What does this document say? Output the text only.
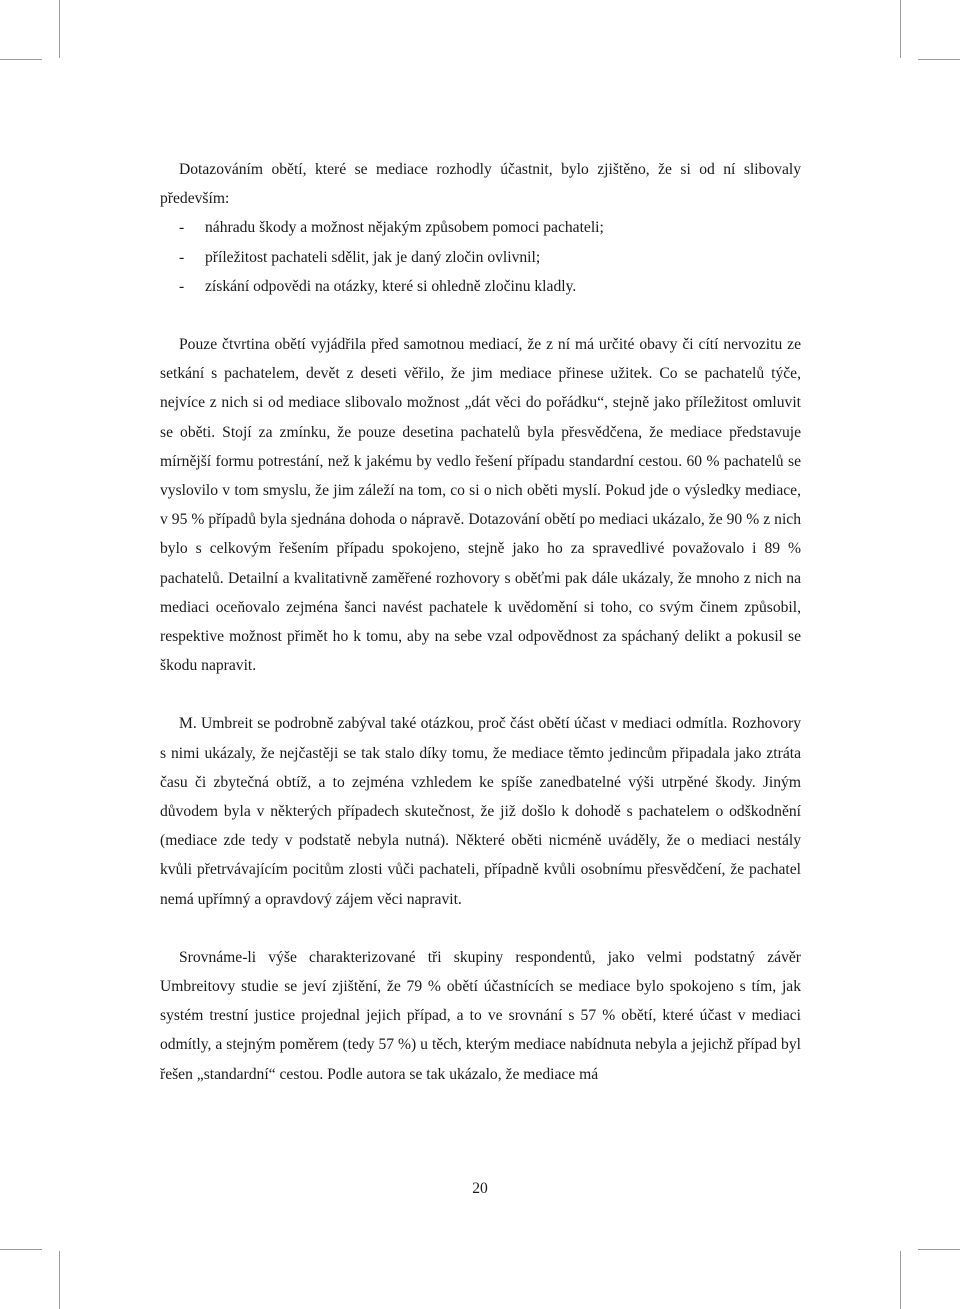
Dotazováním obětí, které se mediace rozhodly účastnit, bylo zjištěno, že si od ní slibovaly především:

- náhradu škody a možnost nějakým způsobem pomoci pachateli;
- příležitost pachateli sdělit, jak je daný zločin ovlivnil;
- získání odpovědi na otázky, které si ohledně zločinu kladly.

Pouze čtvrtina obětí vyjádřila před samotnou mediací, že z ní má určité obavy či cítí nervozitu ze setkání s pachatelem, devět z deseti věřilo, že jim mediace přinese užitek. Co se pachatelů týče, nejvíce z nich si od mediace slibovalo možnost „dát věci do pořádku“, stejně jako příležitost omluvit se oběti. Stojí za zmínku, že pouze desetina pachatelů byla přesvědčena, že mediace představuje mírnější formu potrestání, než k jakému by vedlo řešení případu standardní cestou. 60 % pachatelů se vyslovilo v tom smyslu, že jim záleží na tom, co si o nich oběti myslí. Pokud jde o výsledky mediace, v 95 % případů byla sjednána dohoda o nápravě. Dotazování obětí po mediaci ukázalo, že 90 % z nich bylo s celkovým řešením případu spokojeno, stejně jako ho za spravedlivé považovalo i 89 % pachatelů. Detailní a kvalitativně zaměřené rozhovory s oběťmi pak dále ukázaly, že mnoho z nich na mediaci oceňovalo zejména šanci navést pachatele k uvědomění si toho, co svým činem způsobil, respektive možnost přimět ho k tomu, aby na sebe vzal odpovědnost za spáchaný delikt a pokusil se škodu napravit.

M. Umbreit se podrobně zabýval také otázkou, proč část obětí účast v mediaci odmítla. Rozhovory s nimi ukázaly, že nejčastěji se tak stalo díky tomu, že mediace těmto jedincům připadala jako ztráta času či zbytečná obtíž, a to zejména vzhledem ke spíše zanedbatelné výši utrpěné škody. Jiným důvodem byla v některých případech skutečnost, že již došlo k dohodě s pachatelem o odškodnění (mediace zde tedy v podstatě nebyla nutná). Některé oběti nicméně uváděly, že o mediaci nestály kvůli přetrvávajícím pocitům zlosti vůči pachateli, případně kvůli osobnímu přesvědčení, že pachatel nemá upřímný a opravdový zájem věci napravit.

Srovnáme-li výše charakterizované tři skupiny respondentů, jako velmi podstatný závěr Umbreitovy studie se jeví zjištění, že 79 % obětí účastnících se mediace bylo spokojeno s tím, jak systém trestní justice projednal jejich případ, a to ve srovnání s 57 % obětí, které účast v mediaci odmítly, a stejným poměrem (tedy 57 %) u těch, kterým mediace nabídnuta nebyla a jejichž případ byl řešen „standardní“ cestou. Podle autora se tak ukázalo, že mediace má

20
